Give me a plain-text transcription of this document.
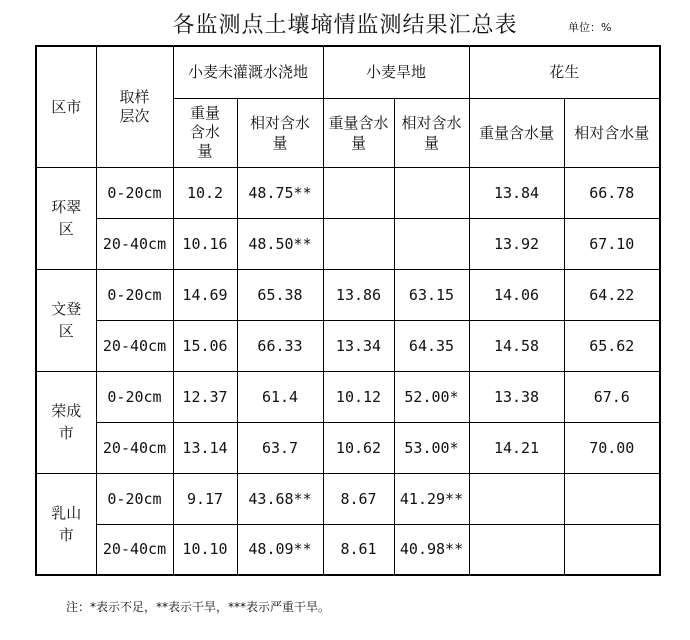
各监测点土壤墒情监测结果汇总表	单位：%
区市	取样层次	小麦未灌溉水浇地		小麦旱地		花生	
		重量含水量	相对含水量	重量含水量	相对含水量	重量含水量	相对含水量
环翠区	0-20cm	10.2	48.75**			13.84	66.78
	20-40cm	10.16	48.50**			13.92	67.10
文登区	0-20cm	14.69	65.38	13.86	63.15	14.06	64.22
	20-40cm	15.06	66.33	13.34	64.35	14.58	65.62
荣成市	0-20cm	12.37	61.4	10.12	52.00*	13.38	67.6
	20-40cm	13.14	63.7	10.62	53.00*	14.21	70.00
乳山市	0-20cm	9.17	43.68**	8.67	41.29**		
	20-40cm	10.10	48.09**	8.61	40.98**		
注：*表示不足，**表示干旱，***表示严重干旱。
